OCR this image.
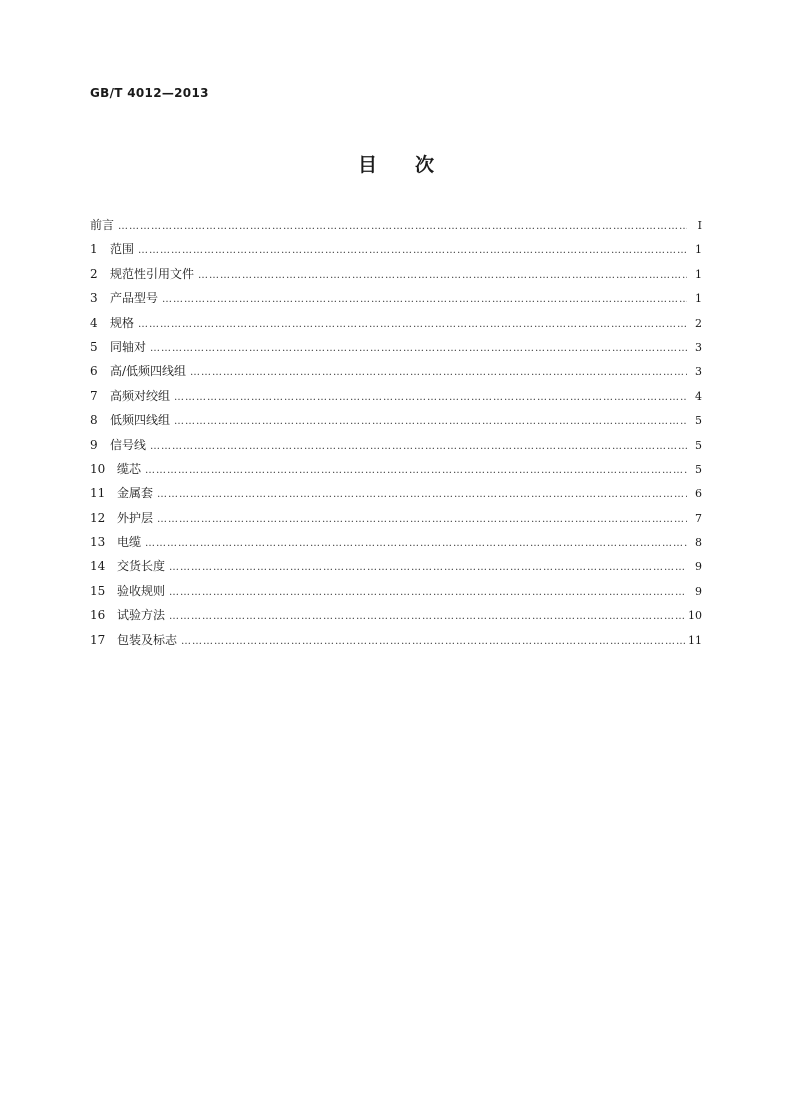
GB/T 4012—2013
目 次
前言 ………………………………………………………………………………………………………………………………………………………………………………………………………	Ⅰ
1	范围 ………………………………………………………………………………………………………………………………………………………………………………………………………	1
2	规范性引用文件 ………………………………………………………………………………………………………………………………………………………………………………………………………	1
3	产品型号 ………………………………………………………………………………………………………………………………………………………………………………………………………	1
4	规格 ………………………………………………………………………………………………………………………………………………………………………………………………………	2
5	同轴对 ………………………………………………………………………………………………………………………………………………………………………………………………………	3
6	高/低频四线组 ………………………………………………………………………………………………………………………………………………………………………………………………………	3
7	高频对绞组 ………………………………………………………………………………………………………………………………………………………………………………………………………	4
8	低频四线组 ………………………………………………………………………………………………………………………………………………………………………………………………………	5
9	信号线 ………………………………………………………………………………………………………………………………………………………………………………………………………	5
10 缆芯 ………………………………………………………………………………………………………………………………………………………………………………………………………	5
11 金属套 ………………………………………………………………………………………………………………………………………………………………………………………………………	6
12 外护层 ………………………………………………………………………………………………………………………………………………………………………………………………………	7
13 电缆 ………………………………………………………………………………………………………………………………………………………………………………………………………	8
14 交货长度 ………………………………………………………………………………………………………………………………………………………………………………………………………	9
15 验收规则 ………………………………………………………………………………………………………………………………………………………………………………………………………	9
16 试验方法 ………………………………………………………………………………………………………………………………………………………………………………………………………	10
17 包装及标志 ………………………………………………………………………………………………………………………………………………………………………………………………………	11
